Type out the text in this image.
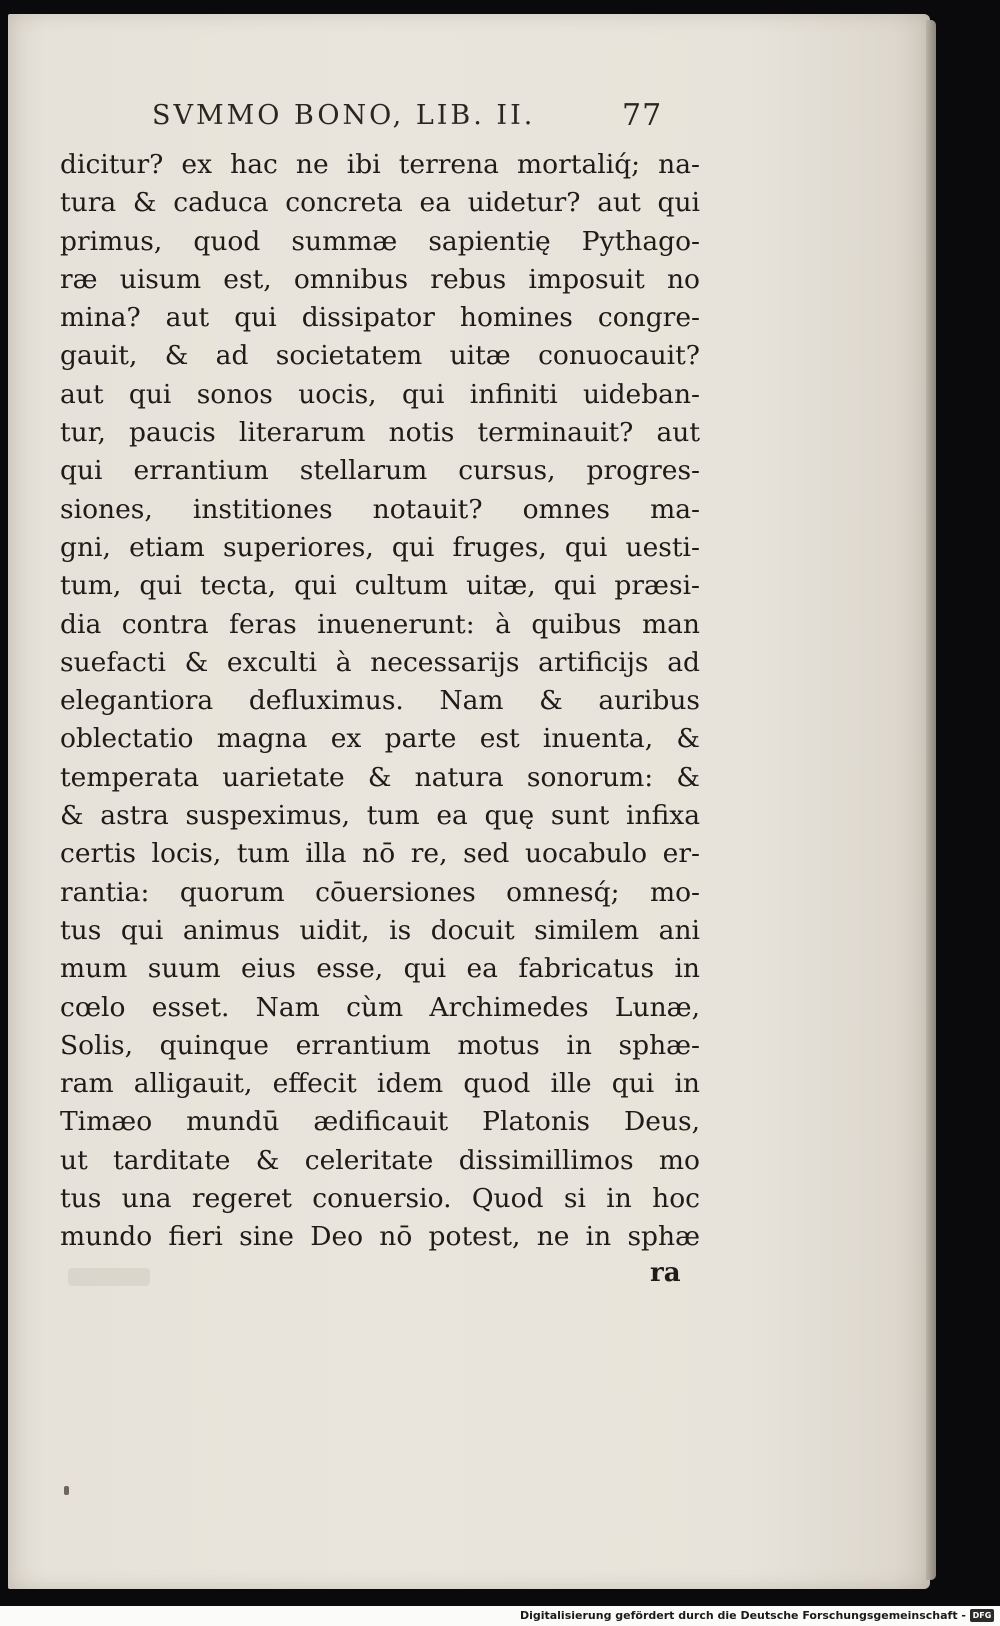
SVMMO BONO, LIB. II.	77
dicitur? ex hac ne ibi terrena mortaliq́; na-
tura & caduca concreta ea uidetur? aut qui
primus, quod summæ sapientię Pythago-
ræ uisum est, omnibus rebus imposuit no
mina? aut qui dissipator homines congre-
gauit, & ad societatem uitæ conuocauit?
aut qui sonos uocis, qui infiniti uideban-
tur, paucis literarum notis terminauit? aut
qui errantium stellarum cursus, progres-
siones, institiones notauit? omnes ma-
gni, etiam superiores, qui fruges, qui uesti-
tum, qui tecta, qui cultum uitæ, qui præsi-
dia contra feras inuenerunt: à quibus man
suefacti & exculti à necessarijs artificijs ad
elegantiora defluximus. Nam & auribus
oblectatio magna ex parte est inuenta, &
temperata uarietate & natura sonorum: &
& astra suspeximus, tum ea quę sunt infixa
certis locis, tum illa nō re, sed uocabulo er-
rantia: quorum cōuersiones omnesq́; mo-
tus qui animus uidit, is docuit similem ani
mum suum eius esse, qui ea fabricatus in
cœlo esset. Nam cùm Archimedes Lunæ,
Solis, quinque errantium motus in sphæ-
ram alligauit, effecit idem quod ille qui in
Timæo mundū ædificauit Platonis Deus,
ut tarditate & celeritate dissimillimos mo
tus una regeret conuersio. Quod si in hoc
mundo fieri sine Deo nō potest, ne in sphæ
ra
Digitalisierung gefördert durch die Deutsche Forschungsgemeinschaft - DFG
